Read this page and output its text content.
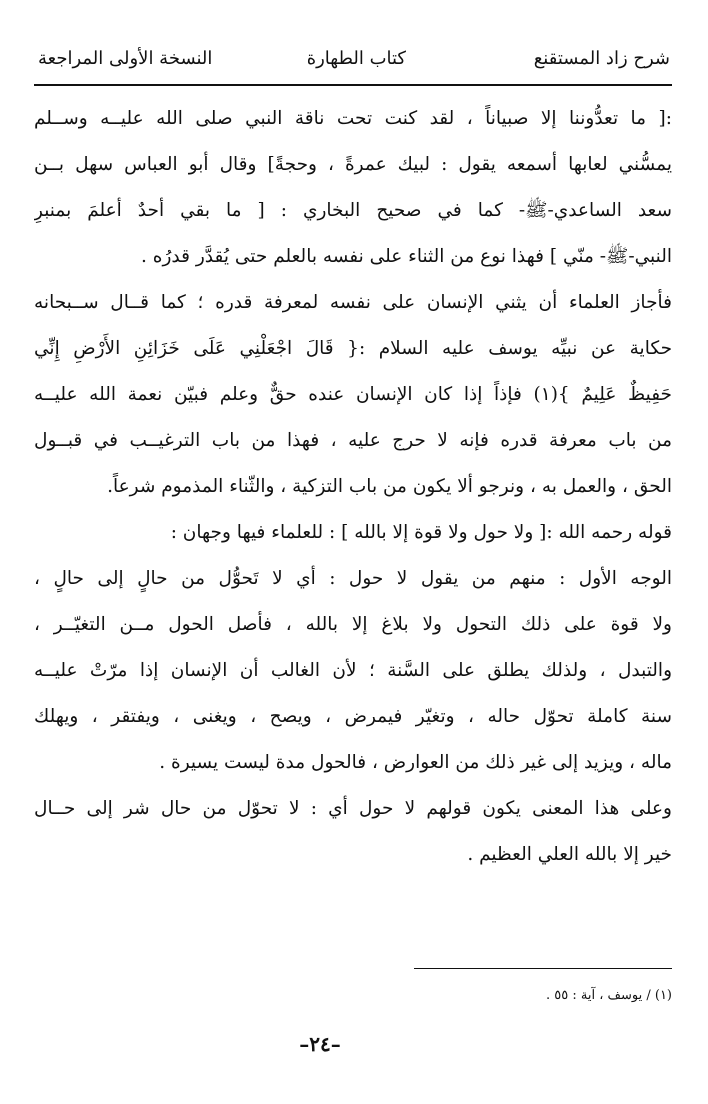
شرح زاد المستقنع
كتاب الطهارة
النسخة الأولى المراجعة
:[ ما تعدُّوننا إلا صبياناً ، لقد كنت تحت ناقة النبي صلى الله عليــه وســلم
يمسُّني لعابها أسمعه يقول : لبيك عمرةً ، وحجةً] وقال أبو العباس سهل بــن
سعد الساعدي-ﷺ- كما في صحيح البخاري : [ ما بقي أحدٌ أعلمَ بمنبرِ
النبي-ﷺ- منّي ] فهذا نوع من الثناء على نفسه بالعلم حتى يُقدَّر قدرُه .
فأجاز العلماء أن يثني الإنسان على نفسه لمعرفة قدره ؛ كما قــال ســبحانه
حكاية عن نبيِّه يوسف عليه السلام :{ قَالَ اجْعَلْنِي عَلَى خَزَائِنِ الأَرْضِ إِنِّي
حَفِيظٌ عَلِيمٌ }(١) فإذاً إذا كان الإنسان عنده حقٌّ وعلم فبيّن نعمة الله عليــه
من باب معرفة قدره فإنه لا حرج عليه ، فهذا من باب الترغيــب في قبــول
الحق ، والعمل به ، ونرجو ألا يكون من باب التزكية ، والثّناء المذموم شرعاً.
قوله رحمه الله :[ ولا حول ولا قوة إلا بالله ] : للعلماء فيها وجهان :
الوجه الأول : منهم من يقول لا حول : أي لا تَحوُّل من حالٍ إلى حالٍ ،
ولا قوة على ذلك التحول ولا بلاغ إلا بالله ، فأصل الحول مــن التغيّــر ،
والتبدل ، ولذلك يطلق على السَّنة ؛ لأن الغالب أن الإنسان إذا مرّتْ عليــه
سنة كاملة تحوّل حاله ، وتغيّر فيمرض ، ويصح ، ويغنى ، ويفتقر ، ويهلك
ماله ، ويزيد إلى غير ذلك من العوارض ، فالحول مدة ليست يسيرة .
وعلى هذا المعنى يكون قولهم لا حول أي : لا تحوّل من حال شر إلى حــال
خير إلا بالله العلي العظيم .
(١) / يوسف ، آية : ٥٥ .
–٢٤–
